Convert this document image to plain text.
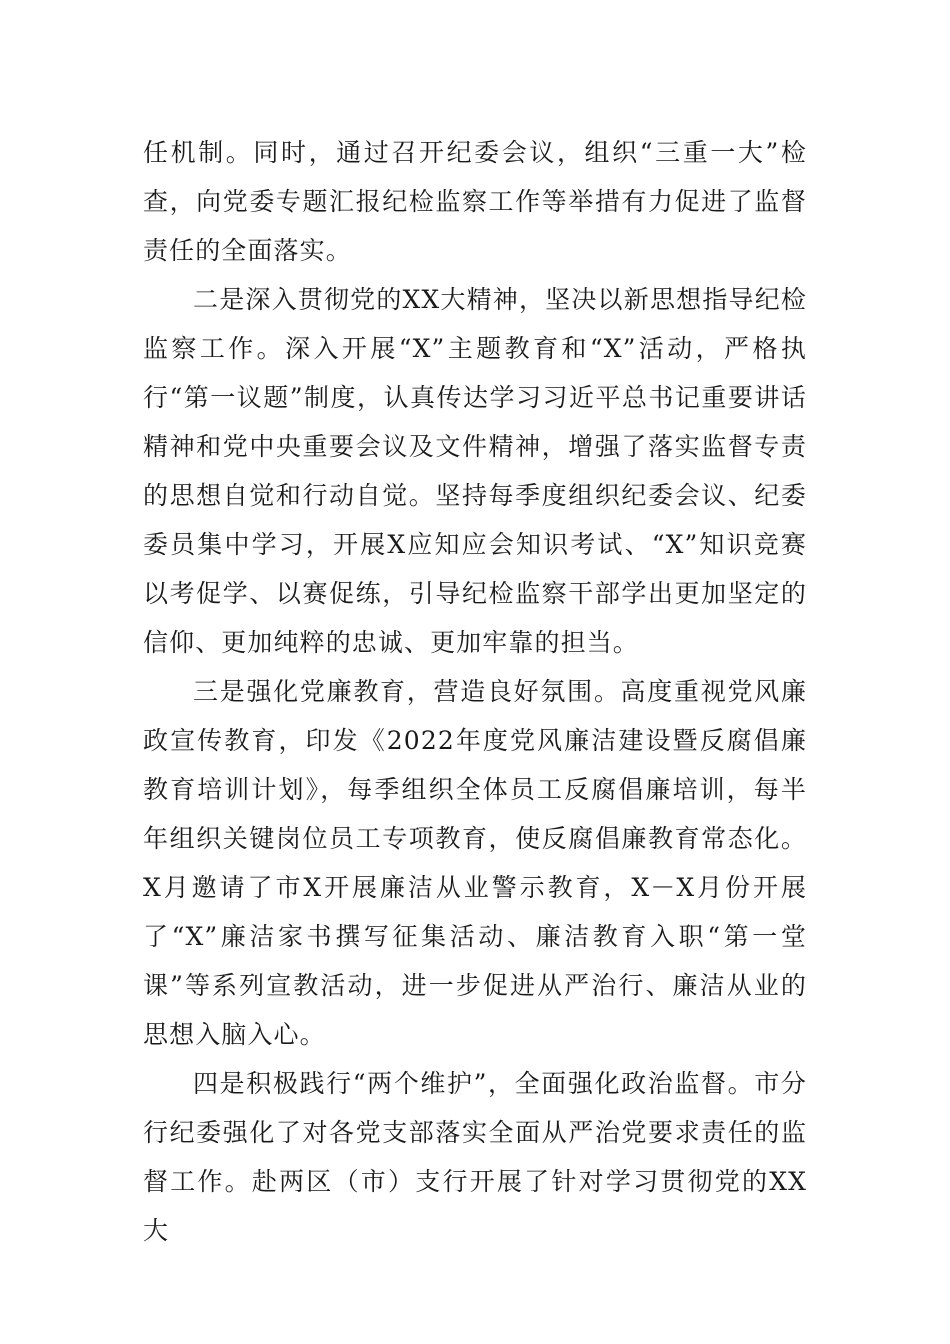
任机制。同时，通过召开纪委会议，组织“三重一大”检查，向党委专题汇报纪检监察工作等举措有力促进了监督责任的全面落实。

二是深入贯彻党的XX大精神，坚决以新思想指导纪检监察工作。深入开展“X”主题教育和“X”活动，严格执行“第一议题”制度，认真传达学习习近平总书记重要讲话精神和党中央重要会议及文件精神，增强了落实监督专责的思想自觉和行动自觉。坚持每季度组织纪委会议、纪委委员集中学习，开展X应知应会知识考试、“X”知识竞赛以考促学、以赛促练，引导纪检监察干部学出更加坚定的信仰、更加纯粹的忠诚、更加牢靠的担当。

三是强化党廉教育，营造良好氛围。高度重视党风廉政宣传教育，印发《2022年度党风廉洁建设暨反腐倡廉教育培训计划》，每季组织全体员工反腐倡廉培训，每半年组织关键岗位员工专项教育，使反腐倡廉教育常态化。X月邀请了市X开展廉洁从业警示教育，X－X月份开展了“X”廉洁家书撰写征集活动、廉洁教育入职“第一堂课”等系列宣教活动，进一步促进从严治行、廉洁从业的思想入脑入心。

四是积极践行“两个维护”，全面强化政治监督。市分行纪委强化了对各党支部落实全面从严治党要求责任的监督工作。赴两区（市）支行开展了针对学习贯彻党的XX大
